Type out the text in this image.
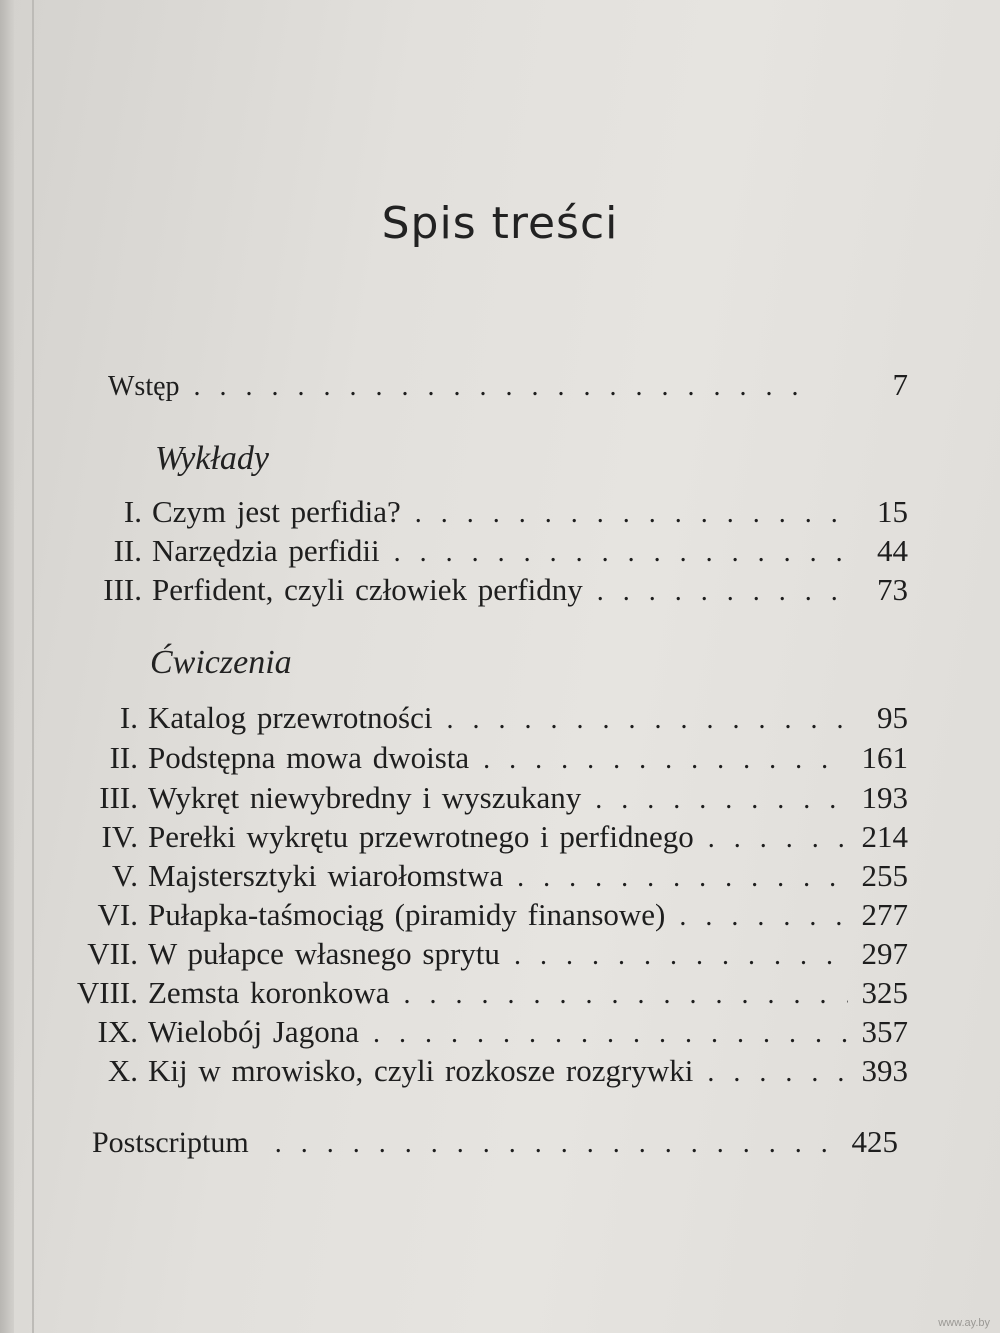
Spis treści
Wstęp . . .	7
Wykłady
I. Czym jest perfidia? . . .	15
II. Narzędzia perfidii . . .	44
III. Perfident, czyli człowiek perfidny . . .	73
Ćwiczenia
I. Katalog przewrotności . . .	95
II. Podstępna mowa dwoista . . .	161
III. Wykręt niewybredny i wyszukany . . .	193
IV. Perełki wykrętu przewrotnego i perfidnego . . .	214
V. Majstersztyki wiarołomstwa . . .	255
VI. Pułapka-taśmociąg (piramidy finansowe) . . .	277
VII. W pułapce własnego sprytu . . .	297
VIII. Zemsta koronkowa . . .	325
IX. Wielobój Jagona . . .	357
X. Kij w mrowisko, czyli rozkosze rozgrywki . . .	393
Postscriptum . . .	425
www.ay.by
